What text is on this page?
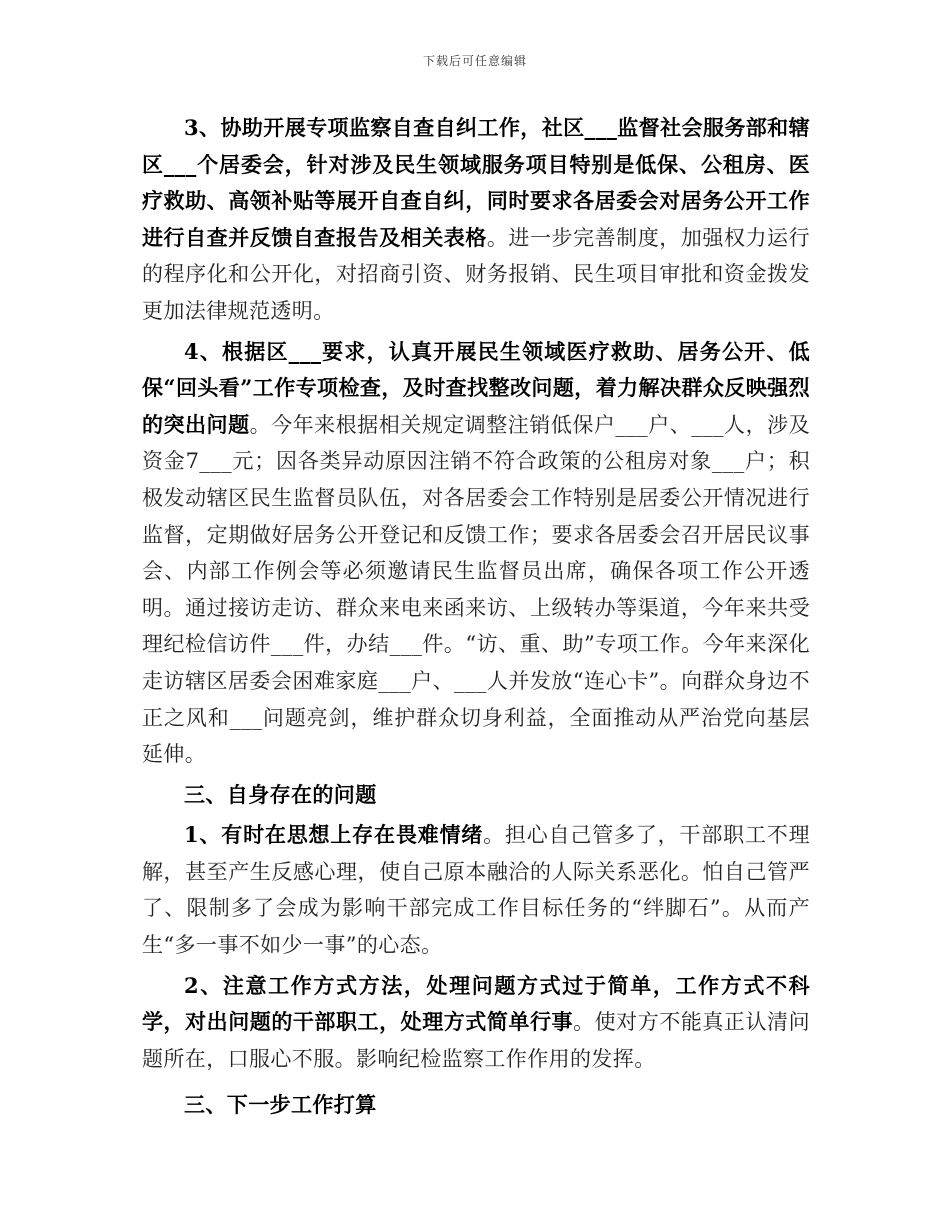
下载后可任意编辑

3、协助开展专项监察自查自纠工作，社区___监督社会服务部和辖区___个居委会，针对涉及民生领域服务项目特别是低保、公租房、医疗救助、高领补贴等展开自查自纠，同时要求各居委会对居务公开工作进行自查并反馈自查报告及相关表格。进一步完善制度，加强权力运行的程序化和公开化，对招商引资、财务报销、民生项目审批和资金拨发更加法律规范透明。

4、根据区___要求，认真开展民生领域医疗救助、居务公开、低保“回头看”工作专项检查，及时查找整改问题，着力解决群众反映强烈的突出问题。今年来根据相关规定调整注销低保户___户、___人，涉及资金7___元；因各类异动原因注销不符合政策的公租房对象___户；积极发动辖区民生监督员队伍，对各居委会工作特别是居委公开情况进行监督，定期做好居务公开登记和反馈工作；要求各居委会召开居民议事会、内部工作例会等必须邀请民生监督员出席，确保各项工作公开透明。通过接访走访、群众来电来函来访、上级转办等渠道，今年来共受理纪检信访件___件，办结___件。“访、重、助”专项工作。今年来深化走访辖区居委会困难家庭___户、___人并发放“连心卡”。向群众身边不正之风和___问题亮剑，维护群众切身利益，全面推动从严治党向基层延伸。

三、自身存在的问题

1、有时在思想上存在畏难情绪。担心自己管多了，干部职工不理解，甚至产生反感心理，使自己原本融洽的人际关系恶化。怕自己管严了、限制多了会成为影响干部完成工作目标任务的“绊脚石”。从而产生“多一事不如少一事”的心态。

2、注意工作方式方法，处理问题方式过于简单，工作方式不科学，对出问题的干部职工，处理方式简单行事。使对方不能真正认清问题所在，口服心不服。影响纪检监察工作作用的发挥。

三、下一步工作打算
